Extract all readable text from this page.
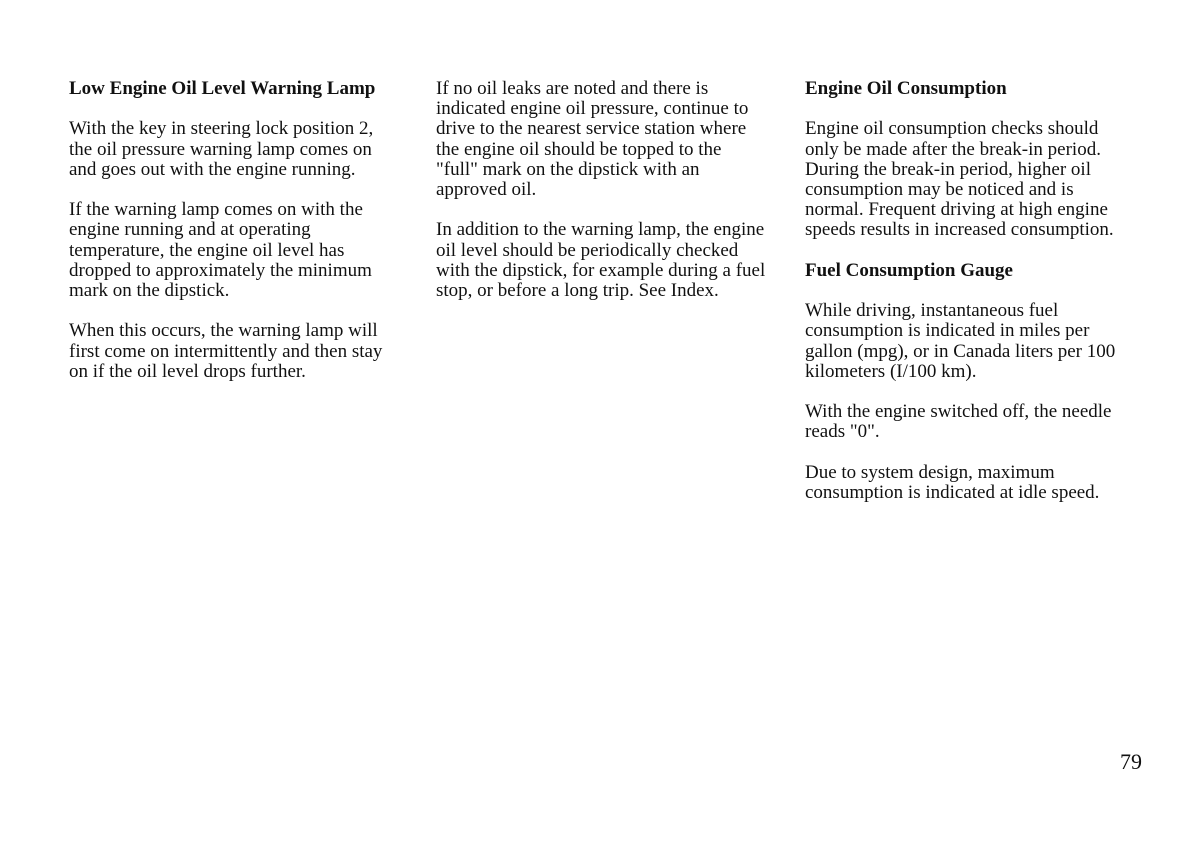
Low Engine Oil Level Warning Lamp

With the key in steering lock position 2, the oil pressure warning lamp comes on and goes out with the engine running.

If the warning lamp comes on with the engine running and at operating temperature, the engine oil level has dropped to approximately the minimum mark on the dipstick.

When this occurs, the warning lamp will first come on intermittently and then stay on if the oil level drops further.

If no oil leaks are noted and there is indicated engine oil pressure, continue to drive to the nearest service station where the engine oil should be topped to the "full" mark on the dipstick with an approved oil.

In addition to the warning lamp, the engine oil level should be periodically checked with the dipstick, for example during a fuel stop, or before a long trip. See Index.

Engine Oil Consumption

Engine oil consumption checks should only be made after the break-in period. During the break-in period, higher oil consumption may be noticed and is normal. Frequent driving at high engine speeds results in increased consumption.

Fuel Consumption Gauge

While driving, instantaneous fuel consumption is indicated in miles per gallon (mpg), or in Canada liters per 100 kilometers (I/100 km).

With the engine switched off, the needle reads "0".

Due to system design, maximum consumption is indicated at idle speed.

79
